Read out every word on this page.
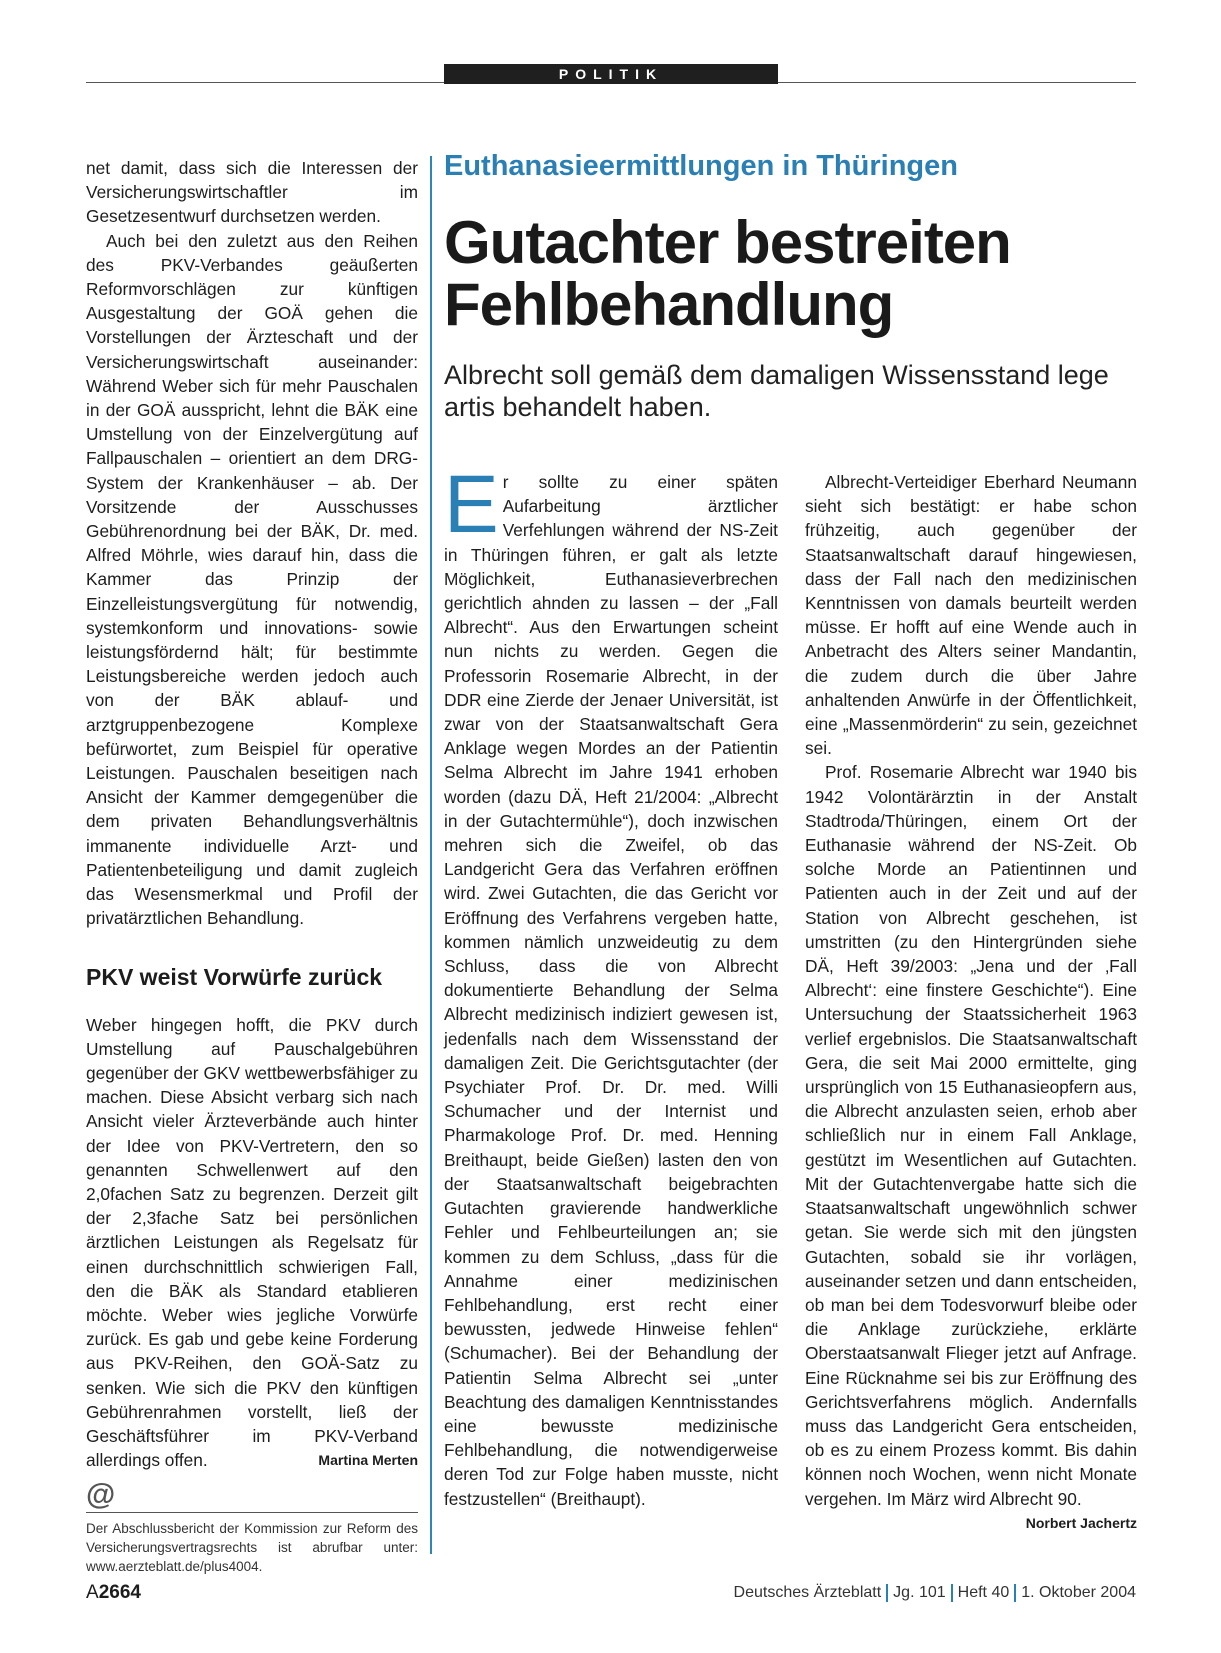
POLITIK

net damit, dass sich die Interessen der Versicherungswirtschaftler im Gesetzesentwurf durchsetzen werden.

Auch bei den zuletzt aus den Reihen des PKV-Verbandes geäußerten Reformvorschlägen zur künftigen Ausgestaltung der GOÄ gehen die Vorstellungen der Ärzteschaft und der Versicherungswirtschaft auseinander: Während Weber sich für mehr Pauschalen in der GOÄ ausspricht, lehnt die BÄK eine Umstellung von der Einzelvergütung auf Fallpauschalen – orientiert an dem DRG-System der Krankenhäuser – ab. Der Vorsitzende der Ausschusses Gebührenordnung bei der BÄK, Dr. med. Alfred Möhrle, wies darauf hin, dass die Kammer das Prinzip der Einzelleistungsvergütung für notwendig, systemkonform und innovations- sowie leistungsfördernd hält; für bestimmte Leistungsbereiche werden jedoch auch von der BÄK ablauf- und arztgruppenbezogene Komplexe befürwortet, zum Beispiel für operative Leistungen. Pauschalen beseitigen nach Ansicht der Kammer demgegenüber die dem privaten Behandlungsverhältnis immanente individuelle Arzt- und Patientenbeteiligung und damit zugleich das Wesensmerkmal und Profil der privatärztlichen Behandlung.

PKV weist Vorwürfe zurück

Weber hingegen hofft, die PKV durch Umstellung auf Pauschalgebühren gegenüber der GKV wettbewerbsfähiger zu machen. Diese Absicht verbarg sich nach Ansicht vieler Ärzteverbände auch hinter der Idee von PKV-Vertretern, den so genannten Schwellenwert auf den 2,0fachen Satz zu begrenzen. Derzeit gilt der 2,3fache Satz bei persönlichen ärztlichen Leistungen als Regelsatz für einen durchschnittlich schwierigen Fall, den die BÄK als Standard etablieren möchte. Weber wies jegliche Vorwürfe zurück. Es gab und gebe keine Forderung aus PKV-Reihen, den GOÄ-Satz zu senken. Wie sich die PKV den künftigen Gebührenrahmen vorstellt, ließ der Geschäftsführer im PKV-Verband allerdings offen.	Martina Merten

@
Der Abschlussbericht der Kommission zur Reform des Versicherungsvertragsrechts ist abrufbar unter: www.aerzteblatt.de/plus4004.
Euthanasieermittlungen in Thüringen
Gutachter bestreiten Fehlbehandlung
Albrecht soll gemäß dem damaligen Wissensstand lege artis behandelt haben.

Er sollte zu einer späten Aufarbeitung ärztlicher Verfehlungen während der NS-Zeit in Thüringen führen, er galt als letzte Möglichkeit, Euthanasieverbrechen gerichtlich ahnden zu lassen – der „Fall Albrecht“. Aus den Erwartungen scheint nun nichts zu werden. Gegen die Professorin Rosemarie Albrecht, in der DDR eine Zierde der Jenaer Universität, ist zwar von der Staatsanwaltschaft Gera Anklage wegen Mordes an der Patientin Selma Albrecht im Jahre 1941 erhoben worden (dazu DÄ, Heft 21/2004: „Albrecht in der Gutachtermühle“), doch inzwischen mehren sich die Zweifel, ob das Landgericht Gera das Verfahren eröffnen wird. Zwei Gutachten, die das Gericht vor Eröffnung des Verfahrens vergeben hatte, kommen nämlich unzweideutig zu dem Schluss, dass die von Albrecht dokumentierte Behandlung der Selma Albrecht medizinisch indiziert gewesen ist, jedenfalls nach dem Wissensstand der damaligen Zeit. Die Gerichtsgutachter (der Psychiater Prof. Dr. Dr. med. Willi Schumacher und der Internist und Pharmakologe Prof. Dr. med. Henning Breithaupt, beide Gießen) lasten den von der Staatsanwaltschaft beigebrachten Gutachten gravierende handwerkliche Fehler und Fehlbeurteilungen an; sie kommen zu dem Schluss, „dass für die Annahme einer medizinischen Fehlbehandlung, erst recht einer bewussten, jedwede Hinweise fehlen“ (Schumacher). Bei der Behandlung der Patientin Selma Albrecht sei „unter Beachtung des damaligen Kenntnisstandes eine bewusste medizinische Fehlbehandlung, die notwendigerweise deren Tod zur Folge haben musste, nicht festzustellen“ (Breithaupt).

Albrecht-Verteidiger Eberhard Neumann sieht sich bestätigt: er habe schon frühzeitig, auch gegenüber der Staatsanwaltschaft darauf hingewiesen, dass der Fall nach den medizinischen Kenntnissen von damals beurteilt werden müsse. Er hofft auf eine Wende auch in Anbetracht des Alters seiner Mandantin, die zudem durch die über Jahre anhaltenden Anwürfe in der Öffentlichkeit, eine „Massenmörderin“ zu sein, gezeichnet sei.

Prof. Rosemarie Albrecht war 1940 bis 1942 Volontärärztin in der Anstalt Stadtroda/Thüringen, einem Ort der Euthanasie während der NS-Zeit. Ob solche Morde an Patientinnen und Patienten auch in der Zeit und auf der Station von Albrecht geschehen, ist umstritten (zu den Hintergründen siehe DÄ, Heft 39/2003: „Jena und der ‚Fall Albrecht‘: eine finstere Geschichte“). Eine Untersuchung der Staatssicherheit 1963 verlief ergebnislos. Die Staatsanwaltschaft Gera, die seit Mai 2000 ermittelte, ging ursprünglich von 15 Euthanasieopfern aus, die Albrecht anzulasten seien, erhob aber schließlich nur in einem Fall Anklage, gestützt im Wesentlichen auf Gutachten. Mit der Gutachtenvergabe hatte sich die Staatsanwaltschaft ungewöhnlich schwer getan. Sie werde sich mit den jüngsten Gutachten, sobald sie ihr vorlägen, auseinander setzen und dann entscheiden, ob man bei dem Todesvorwurf bleibe oder die Anklage zurückziehe, erklärte Oberstaatsanwalt Flieger jetzt auf Anfrage. Eine Rücknahme sei bis zur Eröffnung des Gerichtsverfahrens möglich. Andernfalls muss das Landgericht Gera entscheiden, ob es zu einem Prozess kommt. Bis dahin können noch Wochen, wenn nicht Monate vergehen. Im März wird Albrecht 90.
Norbert Jachertz

A2664	Deutsches Ärzteblatt Jg. 101 Heft 40 1. Oktober 2004
